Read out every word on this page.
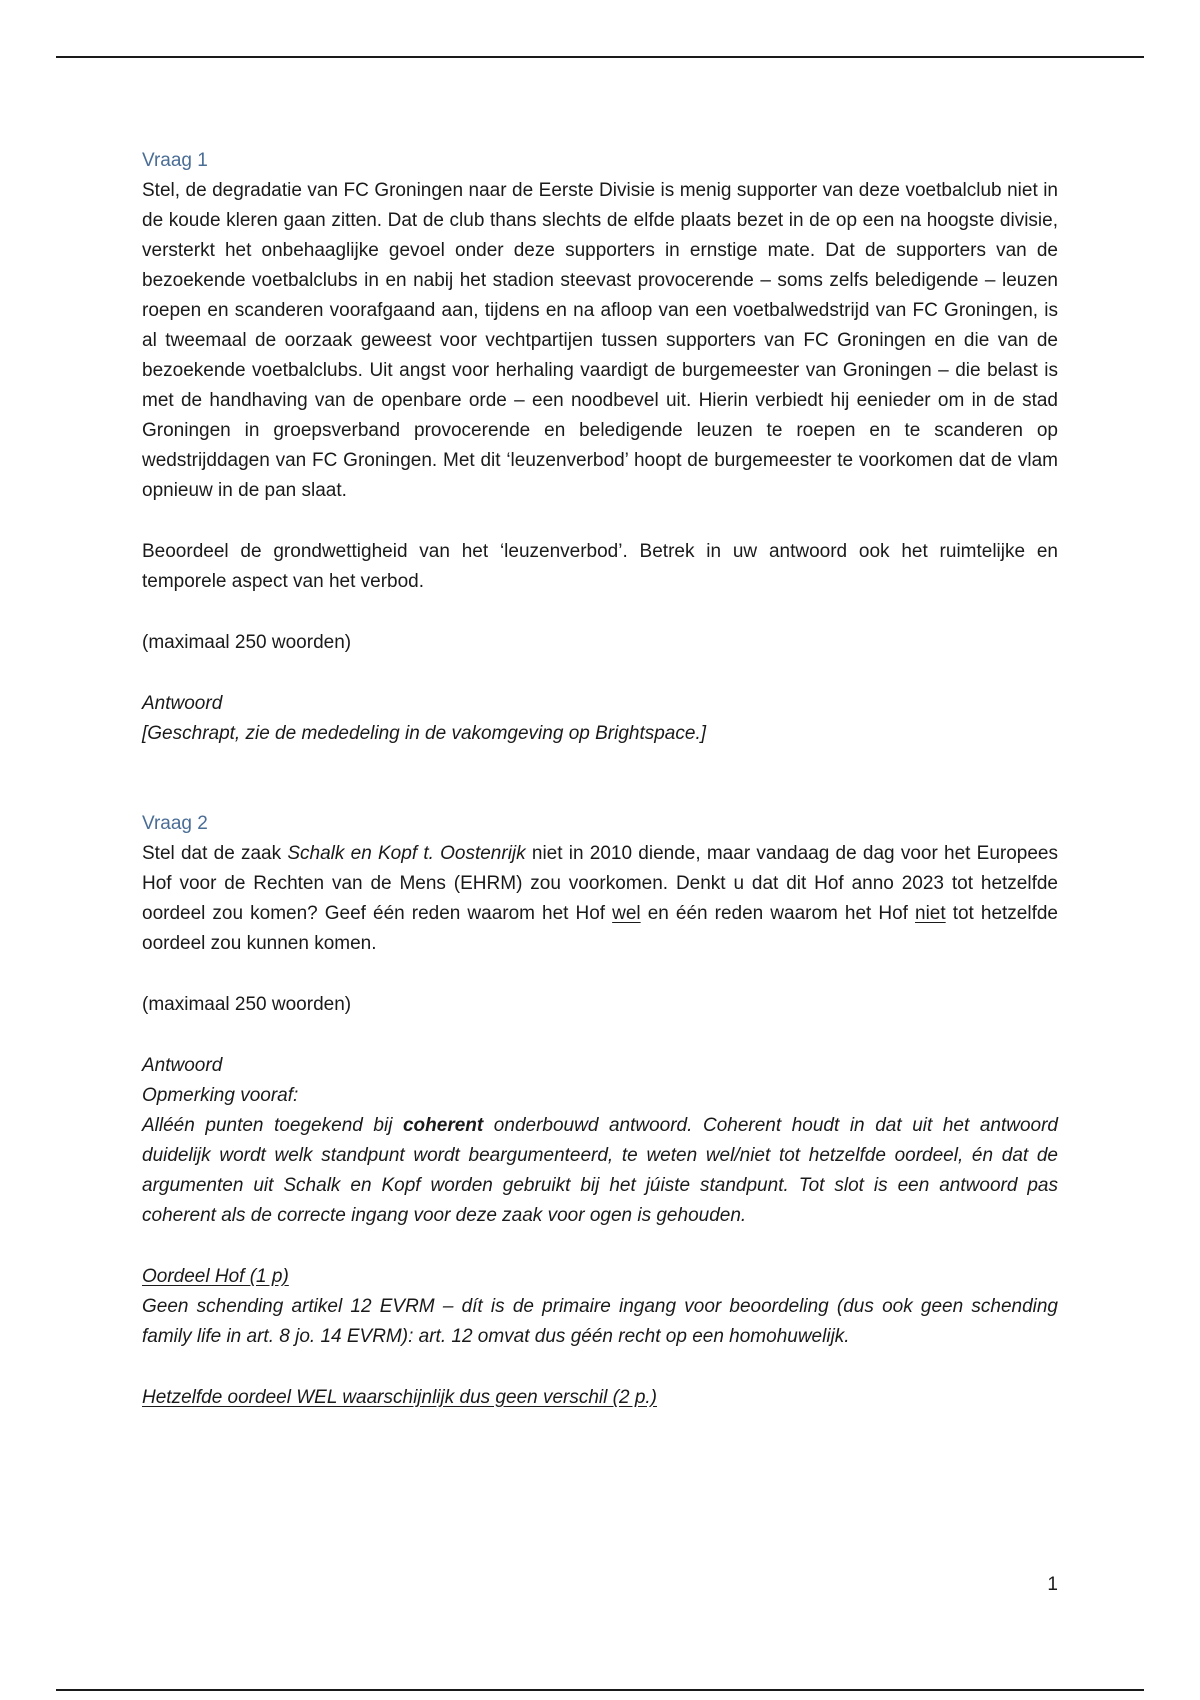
Vraag 1

Stel, de degradatie van FC Groningen naar de Eerste Divisie is menig supporter van deze voetbalclub niet in de koude kleren gaan zitten. Dat de club thans slechts de elfde plaats bezet in de op een na hoogste divisie, versterkt het onbehaaglijke gevoel onder deze supporters in ernstige mate. Dat de supporters van de bezoekende voetbalclubs in en nabij het stadion steevast provocerende – soms zelfs beledigende – leuzen roepen en scanderen voorafgaand aan, tijdens en na afloop van een voetbalwedstrijd van FC Groningen, is al tweemaal de oorzaak geweest voor vechtpartijen tussen supporters van FC Groningen en die van de bezoekende voetbalclubs. Uit angst voor herhaling vaardigt de burgemeester van Groningen – die belast is met de handhaving van de openbare orde – een noodbevel uit. Hierin verbiedt hij eenieder om in de stad Groningen in groepsverband provocerende en beledigende leuzen te roepen en te scanderen op wedstrijddagen van FC Groningen. Met dit ‘leuzenverbod’ hoopt de burgemeester te voorkomen dat de vlam opnieuw in de pan slaat.

Beoordeel de grondwettigheid van het ‘leuzenverbod’. Betrek in uw antwoord ook het ruimtelijke en temporele aspect van het verbod.

(maximaal 250 woorden)

Antwoord

[Geschrapt, zie de mededeling in de vakomgeving op Brightspace.]

Vraag 2

Stel dat de zaak Schalk en Kopf t. Oostenrijk niet in 2010 diende, maar vandaag de dag voor het Europees Hof voor de Rechten van de Mens (EHRM) zou voorkomen. Denkt u dat dit Hof anno 2023 tot hetzelfde oordeel zou komen? Geef één reden waarom het Hof wel en één reden waarom het Hof niet tot hetzelfde oordeel zou kunnen komen.

(maximaal 250 woorden)

Antwoord

Opmerking vooraf:

Alléén punten toegekend bij coherent onderbouwd antwoord. Coherent houdt in dat uit het antwoord duidelijk wordt welk standpunt wordt beargumenteerd, te weten wel/niet tot hetzelfde oordeel, én dat de argumenten uit Schalk en Kopf worden gebruikt bij het júiste standpunt. Tot slot is een antwoord pas coherent als de correcte ingang voor deze zaak voor ogen is gehouden.

Oordeel Hof (1 p)

Geen schending artikel 12 EVRM – dít is de primaire ingang voor beoordeling (dus ook geen schending family life in art. 8 jo. 14 EVRM): art. 12 omvat dus géén recht op een homohuwelijk.

Hetzelfde oordeel WEL waarschijnlijk dus geen verschil (2 p.)

1
